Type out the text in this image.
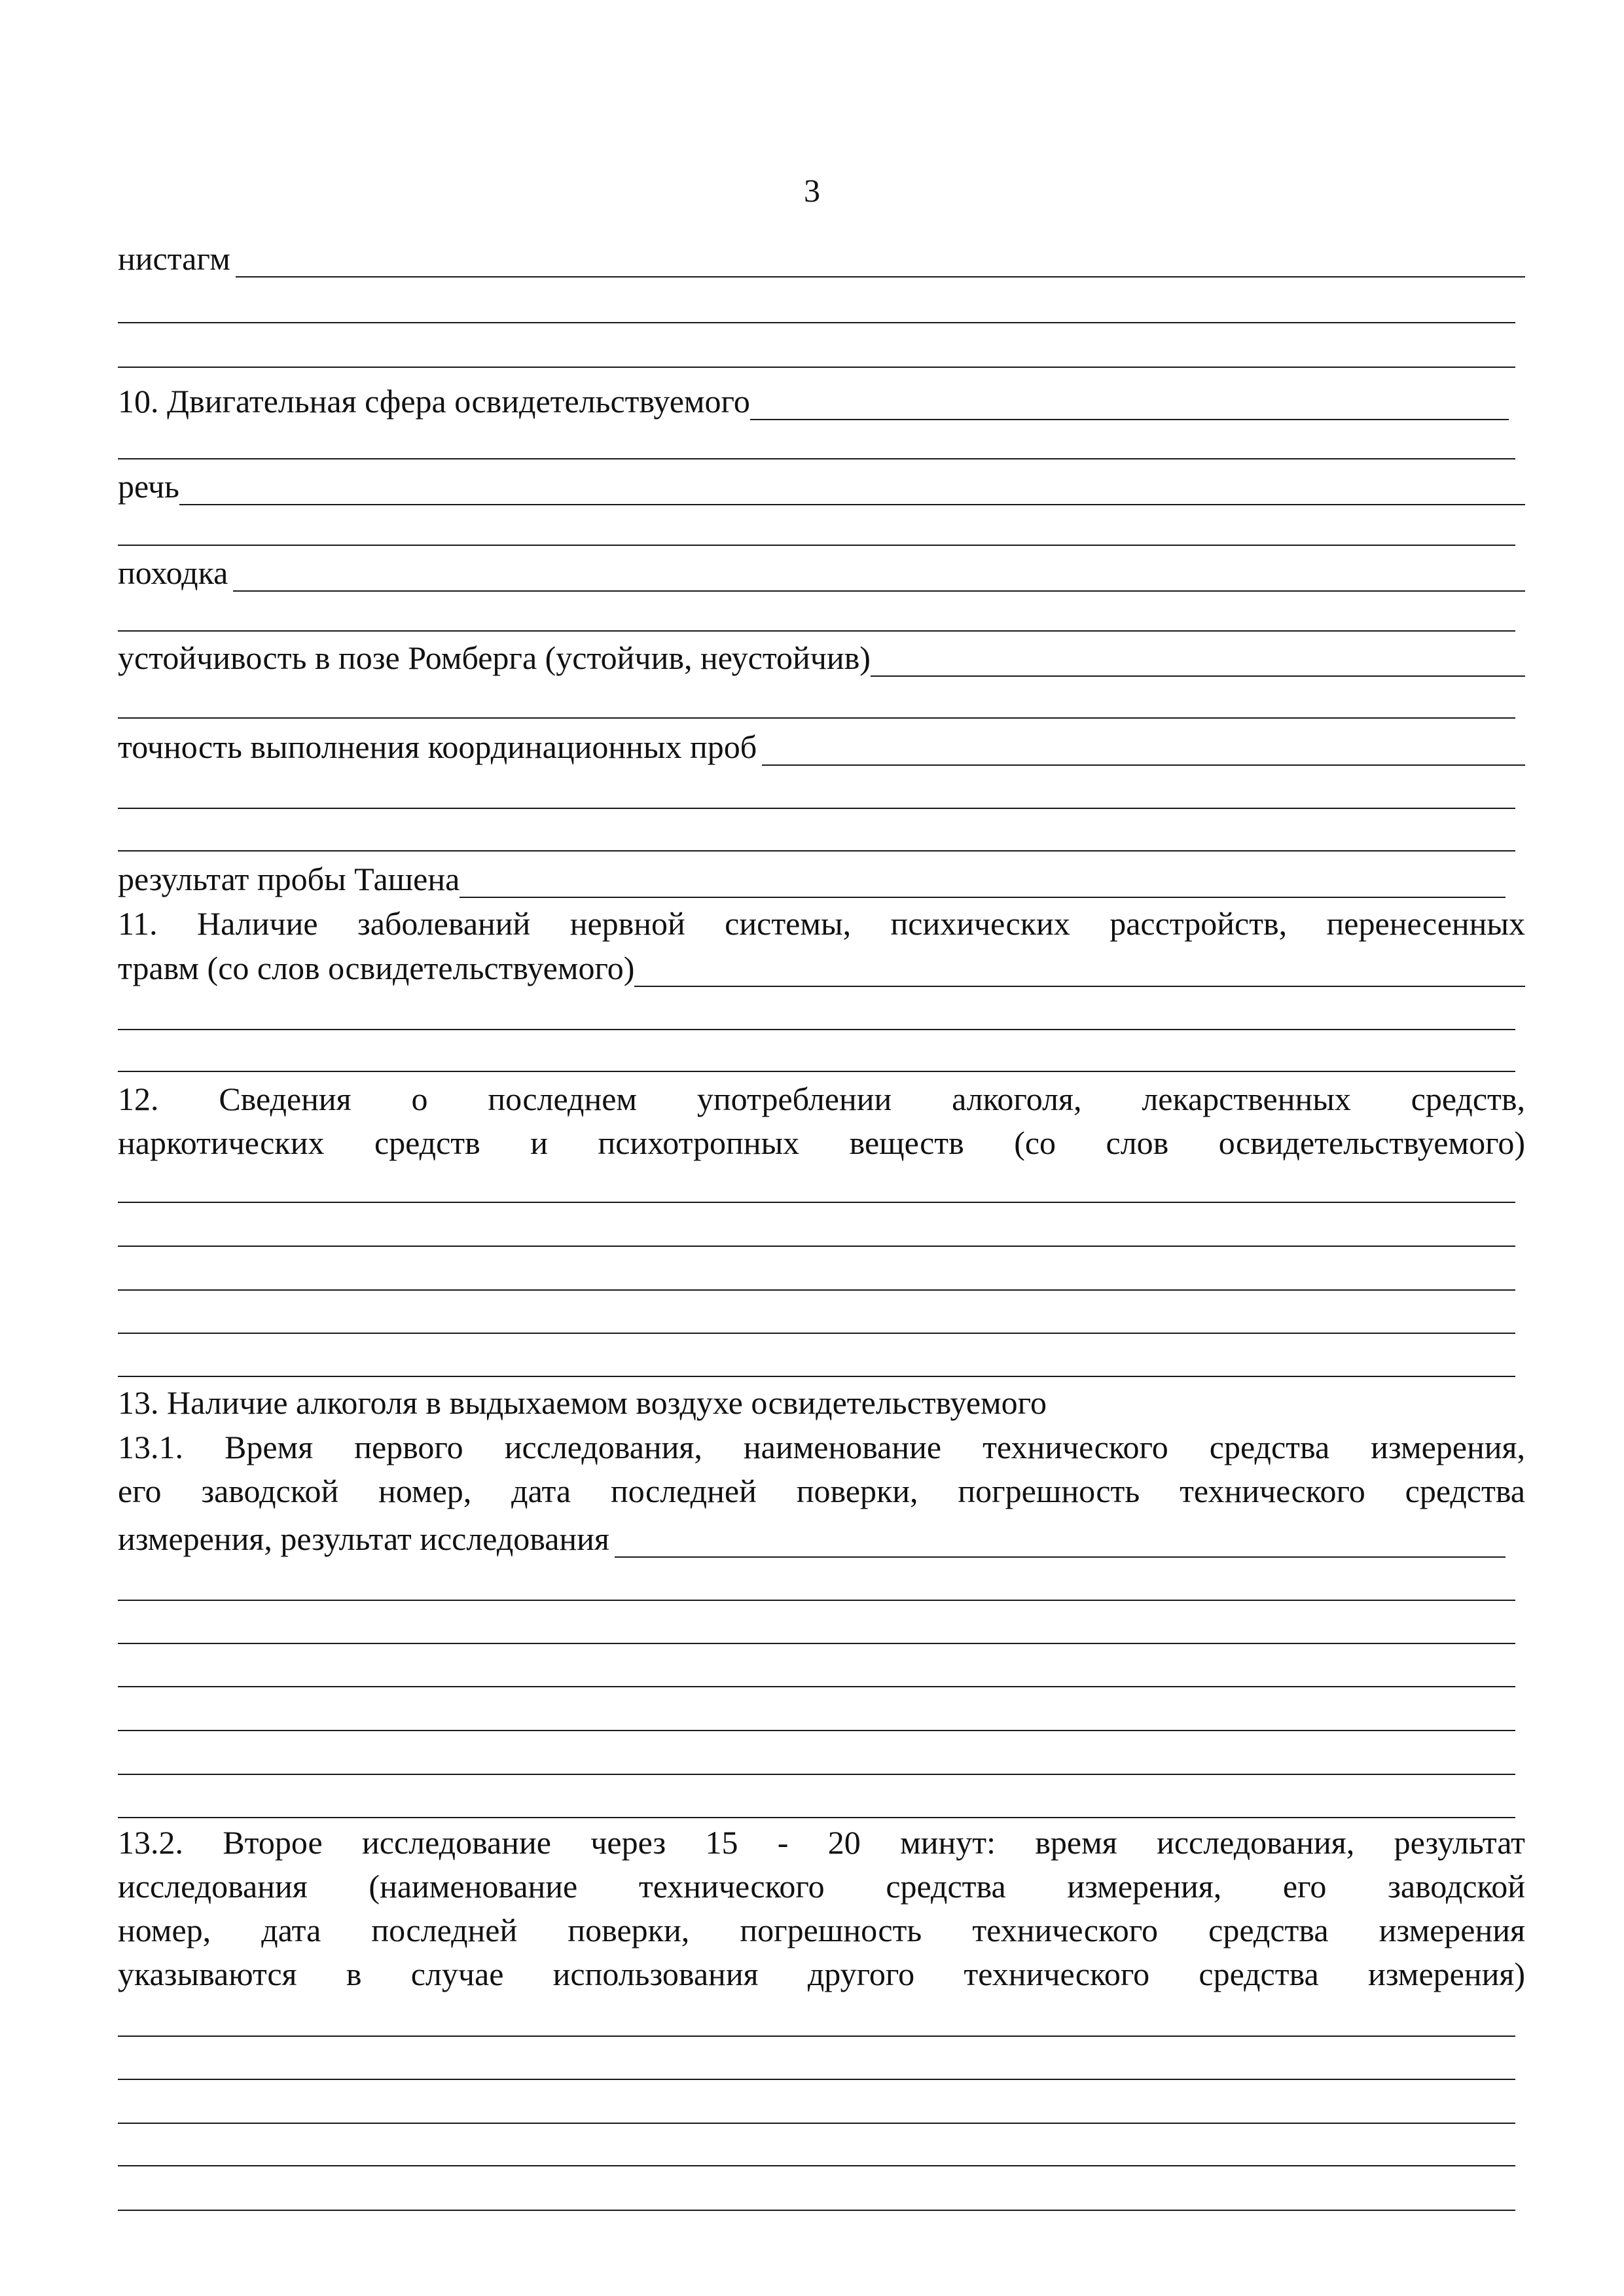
3
нистагм
10. Двигательная сфера освидетельствуемого
речь
походка
устойчивость в позе Ромберга (устойчив, неустойчив)
точность выполнения координационных проб
результат пробы Ташена
11. Наличие заболеваний нервной системы, психических расстройств, перенесенных
травм (со слов освидетельствуемого)
12. Сведения о последнем употреблении алкоголя, лекарственных средств,
наркотических средств и психотропных веществ (со слов освидетельствуемого)
13. Наличие алкоголя в выдыхаемом воздухе освидетельствуемого
13.1. Время первого исследования, наименование технического средства измерения,
его заводской номер, дата последней поверки, погрешность технического средства
измерения, результат исследования
13.2. Второе исследование через 15 - 20 минут: время исследования, результат
исследования (наименование технического средства измерения, его заводской
номер, дата последней поверки, погрешность технического средства измерения
указываются в случае использования другого технического средства измерения)
